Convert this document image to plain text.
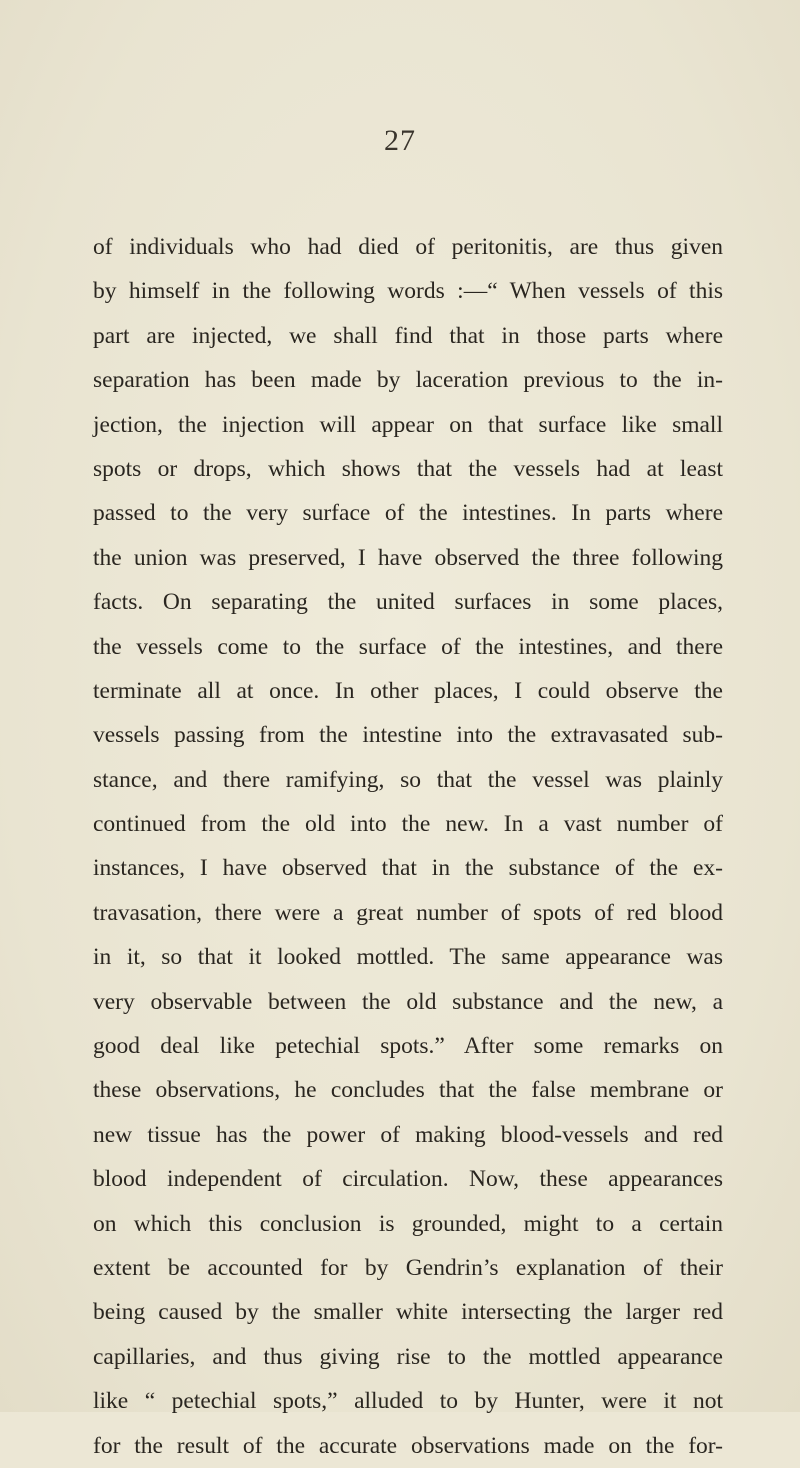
27
of individuals who had died of peritonitis, are thus given
by himself in the following words :—“ When vessels of this
part are injected, we shall find that in those parts where
separation has been made by laceration previous to the in-
jection, the injection will appear on that surface like small
spots or drops, which shows that the vessels had at least
passed to the very surface of the intestines. In parts where
the union was preserved, I have observed the three following
facts. On separating the united surfaces in some places,
the vessels come to the surface of the intestines, and there
terminate all at once. In other places, I could observe the
vessels passing from the intestine into the extravasated sub-
stance, and there ramifying, so that the vessel was plainly
continued from the old into the new. In a vast number of
instances, I have observed that in the substance of the ex-
travasation, there were a great number of spots of red blood
in it, so that it looked mottled. The same appearance was
very observable between the old substance and the new, a
good deal like petechial spots.” After some remarks on
these observations, he concludes that the false membrane or
new tissue has the power of making blood-vessels and red
blood independent of circulation. Now, these appearances
on which this conclusion is grounded, might to a certain
extent be accounted for by Gendrin’s explanation of their
being caused by the smaller white intersecting the larger red
capillaries, and thus giving rise to the mottled appearance
like “ petechial spots,” alluded to by Hunter, were it not
for the result of the accurate observations made on the for-
